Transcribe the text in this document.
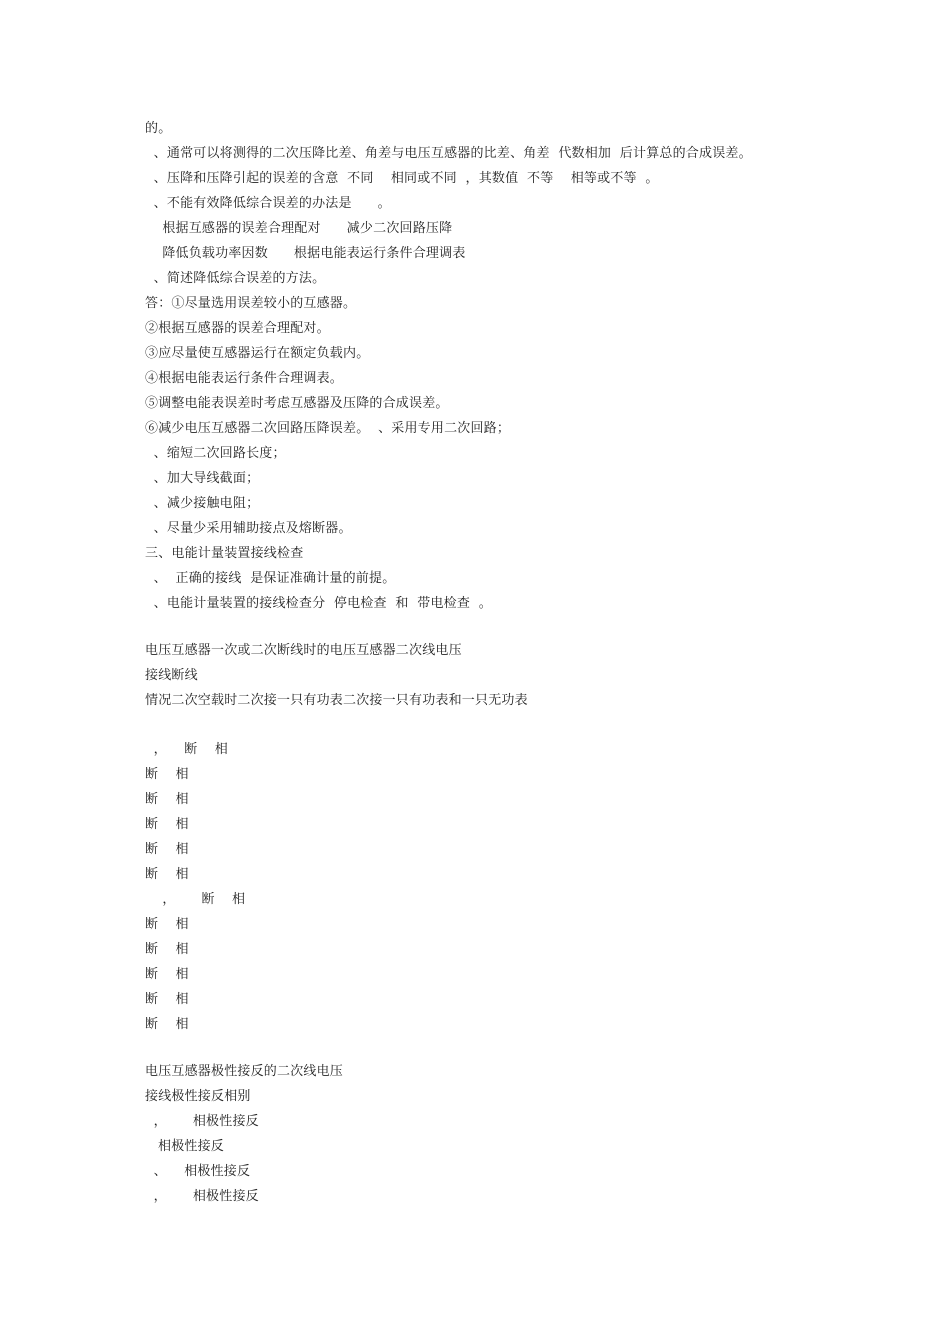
的。
、通常可以将测得的二次压降比差、角差与电压互感器的比差、角差  代数相加  后计算总的合成误差。
、压降和压降引起的误差的含意  不同    相同或不同  ，其数值  不等    相等或不等  。
、不能有效降低综合误差的办法是      。
根据互感器的误差合理配对      减少二次回路压降
降低负载功率因数      根据电能表运行条件合理调表
、简述降低综合误差的方法。
答：①尽量选用误差较小的互感器。
②根据互感器的误差合理配对。
③应尽量使互感器运行在额定负载内。
④根据电能表运行条件合理调表。
⑤调整电能表误差时考虑互感器及压降的合成误差。
⑥减少电压互感器二次回路压降误差。  、采用专用二次回路；
、缩短二次回路长度；
、加大导线截面；
、减少接触电阻；
、尽量少采用辅助接点及熔断器。
三、电能计量装置接线检查
、  正确的接线  是保证准确计量的前提。
、电能计量装置的接线检查分  停电检查  和  带电检查  。
电压互感器一次或二次断线时的电压互感器二次线电压
接线断线
情况二次空载时二次接一只有功表二次接一只有功表和一只无功表
，    断    相
断    相
断    相
断    相
断    相
断    相
，      断    相
断    相
断    相
断    相
断    相
断    相
电压互感器极性接反的二次线电压
接线极性接反相别
，      相极性接反
相极性接反
、    相极性接反
，      相极性接反
